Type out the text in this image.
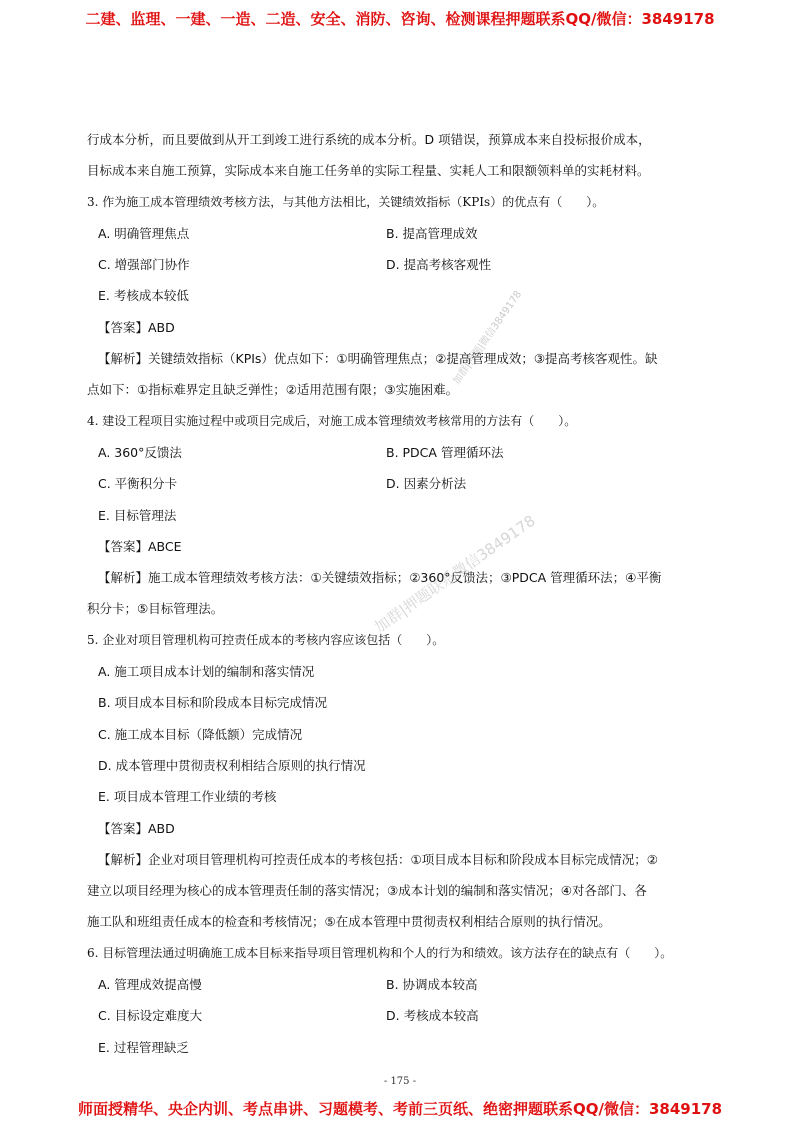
二建、监理、一建、一造、二造、安全、消防、咨询、检测课程押题联系QQ/微信：3849178
行成本分析，而且要做到从开工到竣工进行系统的成本分析。D 项错误，预算成本来自投标报价成本，
目标成本来自施工预算，实际成本来自施工任务单的实际工程量、实耗人工和限额领料单的实耗材料。
3. 作为施工成本管理绩效考核方法，与其他方法相比，关键绩效指标（KPIs）的优点有（　　）。
A. 明确管理焦点	B. 提高管理成效
C. 增强部门协作	D. 提高考核客观性
E. 考核成本较低
【答案】ABD
【解析】关键绩效指标（KPIs）优点如下：①明确管理焦点；②提高管理成效；③提高考核客观性。缺
点如下：①指标难界定且缺乏弹性；②适用范围有限；③实施困难。
4. 建设工程项目实施过程中或项目完成后，对施工成本管理绩效考核常用的方法有（　　）。
A. 360°反馈法	B. PDCA 管理循环法
C. 平衡积分卡	D. 因素分析法
E. 目标管理法
【答案】ABCE
【解析】施工成本管理绩效考核方法：①关键绩效指标；②360°反馈法；③PDCA 管理循环法；④平衡
积分卡；⑤目标管理法。
5. 企业对项目管理机构可控责任成本的考核内容应该包括（　　）。
A. 施工项目成本计划的编制和落实情况
B. 项目成本目标和阶段成本目标完成情况
C. 施工成本目标（降低额）完成情况
D. 成本管理中贯彻责权利相结合原则的执行情况
E. 项目成本管理工作业绩的考核
【答案】ABD
【解析】企业对项目管理机构可控责任成本的考核包括：①项目成本目标和阶段成本目标完成情况；②
建立以项目经理为核心的成本管理责任制的落实情况；③成本计划的编制和落实情况；④对各部门、各
施工队和班组责任成本的检查和考核情况；⑤在成本管理中贯彻责权利相结合原则的执行情况。
6. 目标管理法通过明确施工成本目标来指导项目管理机构和个人的行为和绩效。该方法存在的缺点有（　　）。
A. 管理成效提高慢	B. 协调成本较高
C. 目标设定难度大	D. 考核成本较高
E. 过程管理缺乏
加群|押题|微信3849178
加群|押题联系微信3849178
- 175 -
师面授精华、央企内训、考点串讲、习题模考、考前三页纸、绝密押题联系QQ/微信：3849178
